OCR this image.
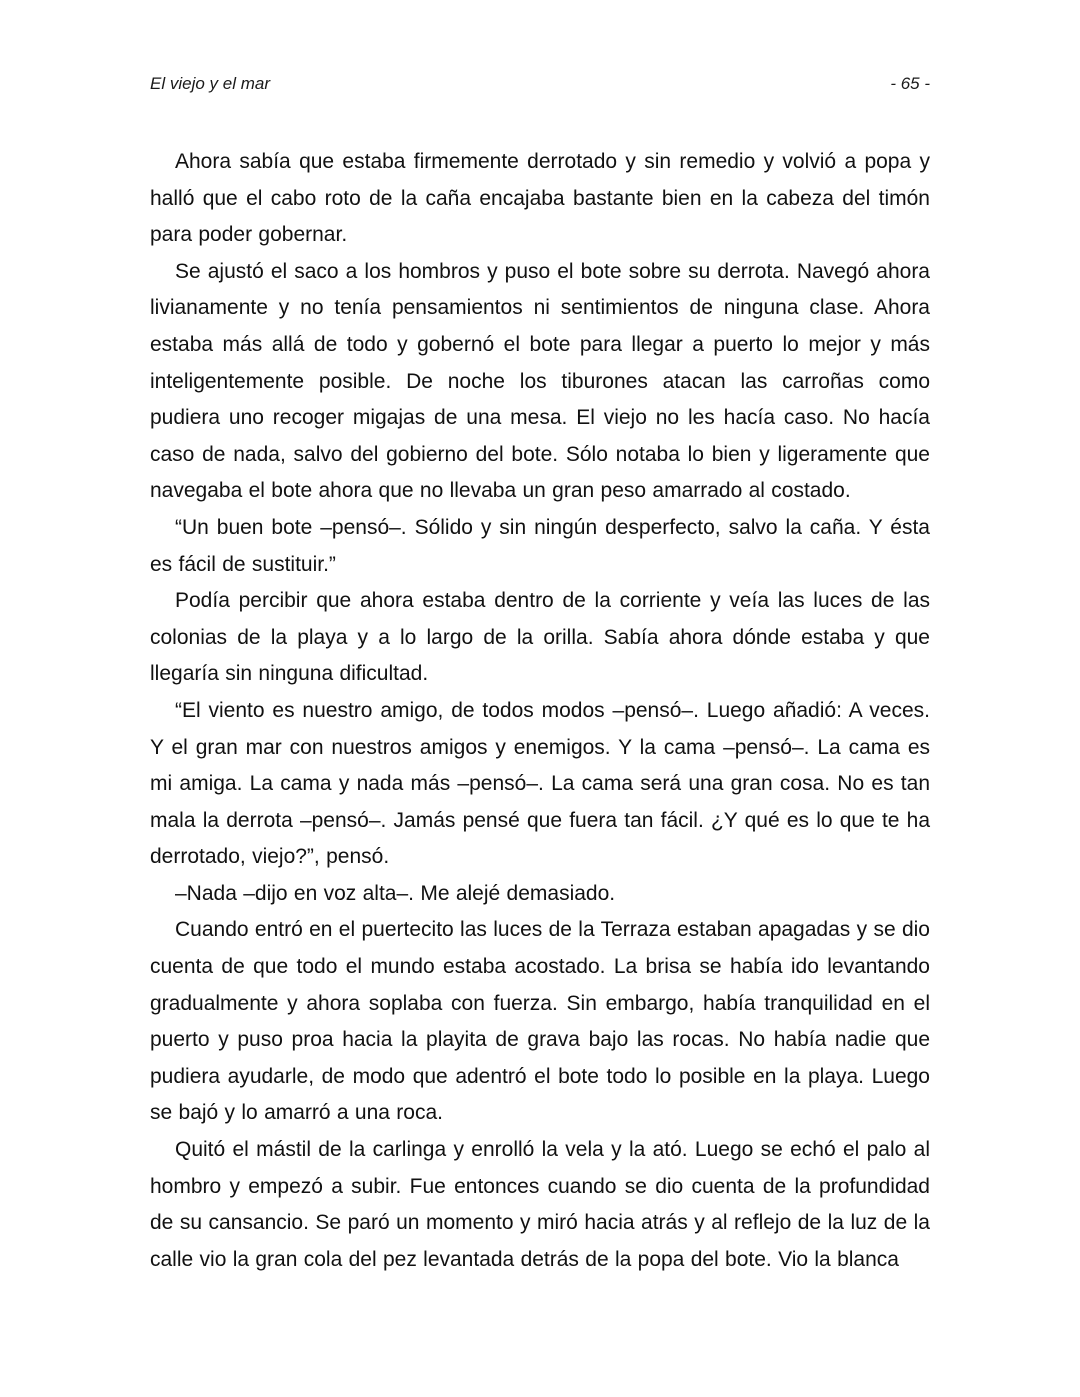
El viejo y el mar	- 65 -

Ahora sabía que estaba firmemente derrotado y sin remedio y volvió a popa y halló que el cabo roto de la caña encajaba bastante bien en la cabeza del timón para poder gobernar.

Se ajustó el saco a los hombros y puso el bote sobre su derrota. Navegó ahora livianamente y no tenía pensamientos ni sentimientos de ninguna clase. Ahora estaba más allá de todo y gobernó el bote para llegar a puerto lo mejor y más inteligentemente posible. De noche los tiburones atacan las carroñas como pudiera uno recoger migajas de una mesa. El viejo no les hacía caso. No hacía caso de nada, salvo del gobierno del bote. Sólo notaba lo bien y ligeramente que navegaba el bote ahora que no llevaba un gran peso amarrado al costado.

“Un buen bote –pensó–. Sólido y sin ningún desperfecto, salvo la caña. Y ésta es fácil de sustituir.”

Podía percibir que ahora estaba dentro de la corriente y veía las luces de las colonias de la playa y a lo largo de la orilla. Sabía ahora dónde estaba y que llegaría sin ninguna dificultad.

“El viento es nuestro amigo, de todos modos –pensó–. Luego añadió: A veces. Y el gran mar con nuestros amigos y enemigos. Y la cama –pensó–. La cama es mi amiga. La cama y nada más –pensó–. La cama será una gran cosa. No es tan mala la derrota –pensó–. Jamás pensé que fuera tan fácil. ¿Y qué es lo que te ha derrotado, viejo?”, pensó.

–Nada –dijo en voz alta–. Me alejé demasiado.

Cuando entró en el puertecito las luces de la Terraza estaban apagadas y se dio cuenta de que todo el mundo estaba acostado. La brisa se había ido levantando gradualmente y ahora soplaba con fuerza. Sin embargo, había tranquilidad en el puerto y puso proa hacia la playita de grava bajo las rocas. No había nadie que pudiera ayudarle, de modo que adentró el bote todo lo posible en la playa. Luego se bajó y lo amarró a una roca.

Quitó el mástil de la carlinga y enrolló la vela y la ató. Luego se echó el palo al hombro y empezó a subir. Fue entonces cuando se dio cuenta de la profundidad de su cansancio. Se paró un momento y miró hacia atrás y al reflejo de la luz de la calle vio la gran cola del pez levantada detrás de la popa del bote. Vio la blanca
